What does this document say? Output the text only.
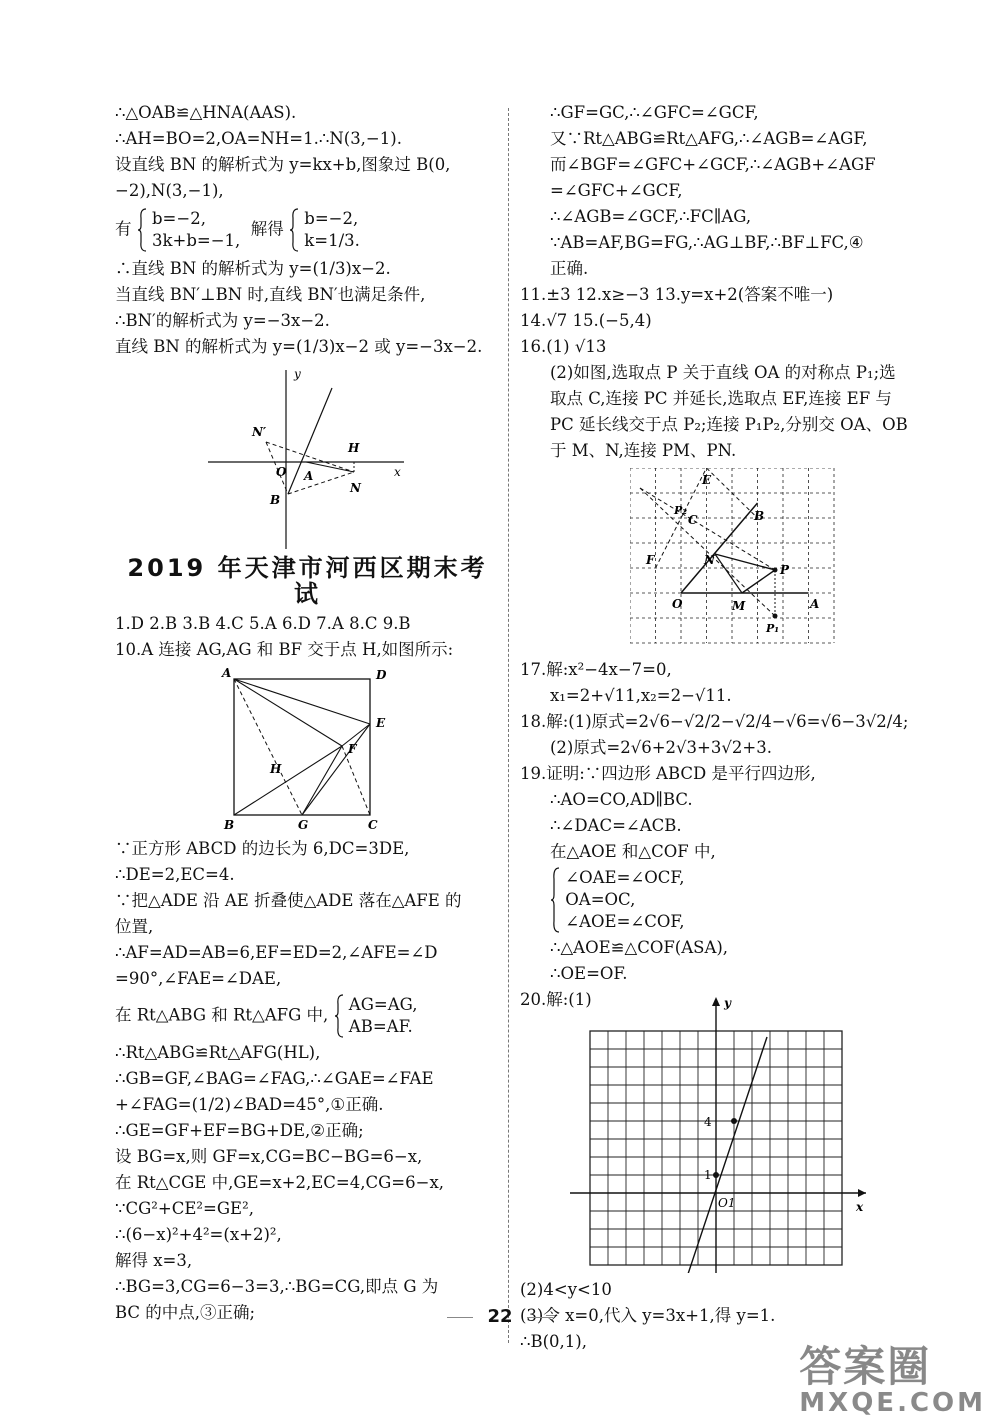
∴△OAB≌△HNA(AAS).
∴AH=BO=2,OA=NH=1.∴N(3,−1).
设直线 BN 的解析式为 y=kx+b,图象过 B(0,
−2),N(3,−1),
有
b=−2,
3k+b=−1,
解得
b=−2,
k=1/3.
∴直线 BN 的解析式为 y=(1/3)x−2.
当直线 BN′⊥BN 时,直线 BN′也满足条件,
∴BN′的解析式为 y=−3x−2.
直线 BN 的解析式为 y=(1/3)x−2 或 y=−3x−2.
y
x
N′
H
O A
B
N
2019 年天津市河西区期末考试
1.D 2.B 3.B 4.C 5.A 6.D 7.A 8.C 9.B
10.A 连接 AG,AG 和 BF 交于点 H,如图所示:
A	D
E
F
H
B	G	C
∵正方形 ABCD 的边长为 6,DC=3DE,
∴DE=2,EC=4.
∵把△ADE 沿 AE 折叠使△ADE 落在△AFE 的
位置,
∴AF=AD=AB=6,EF=ED=2,∠AFE=∠D
=90°,∠FAE=∠DAE,
在 Rt△ABG 和 Rt△AFG 中,
AG=AG,
AB=AF.
∴Rt△ABG≌Rt△AFG(HL),
∴GB=GF,∠BAG=∠FAG,∴∠GAE=∠FAE
+∠FAG=(1/2)∠BAD=45°,①正确.
∴GE=GF+EF=BG+DE,②正确;
设 BG=x,则 GF=x,CG=BC−BG=6−x,
在 Rt△CGE 中,GE=x+2,EC=4,CG=6−x,
∵CG²+CE²=GE²,
∴(6−x)²+4²=(x+2)²,
解得 x=3,
∴BG=3,CG=6−3=3,∴BG=CG,即点 G 为
BC 的中点,③正确;
∴GF=GC,∴∠GFC=∠GCF,
又∵Rt△ABG≌Rt△AFG,∴∠AGB=∠AGF,
而∠BGF=∠GFC+∠GCF,∴∠AGB+∠AGF
=∠GFC+∠GCF,
∴∠AGB=∠GCF,∴FC∥AG,
∵AB=AF,BG=FG,∴AG⊥BF,∴BF⊥FC,④
正确.
11.±3 12.x≥−3 13.y=x+2(答案不唯一)
14.√7 15.(−5,4)
16.(1) √13
(2)如图,选取点 P 关于直线 OA 的对称点 P₁;选
取点 C,连接 PC 并延长,选取点 EF,连接 EF 与
PC 延长线交于点 P₂;连接 P₁P₂,分别交 OA、OB
于 M、N,连接 PM、PN.
E
P₂
C	B
F	N
P
O	M	A
P₁
17.解:x²−4x−7=0,
x₁=2+√11,x₂=2−√11.
18.解:(1)原式=2√6−√2/2−√2/4−√6=√6−3√2/4;
(2)原式=2√6+2√3+3√2+3.
19.证明:∵四边形 ABCD 是平行四边形,
∴AO=CO,AD∥BC.
∴∠DAC=∠ACB.
在△AOE 和△COF 中,

∠OAE=∠OCF,
OA=OC,
∠AOE=∠COF,
∴△AOE≌△COF(ASA),
∴OE=OF.
20.解:(1)	y
x
4
1
O1
(2)4<y<10
(3)令 x=0,代入 y=3x+1,得 y=1.
∴B(0,1),
22
答案圈
MXQE.COM
